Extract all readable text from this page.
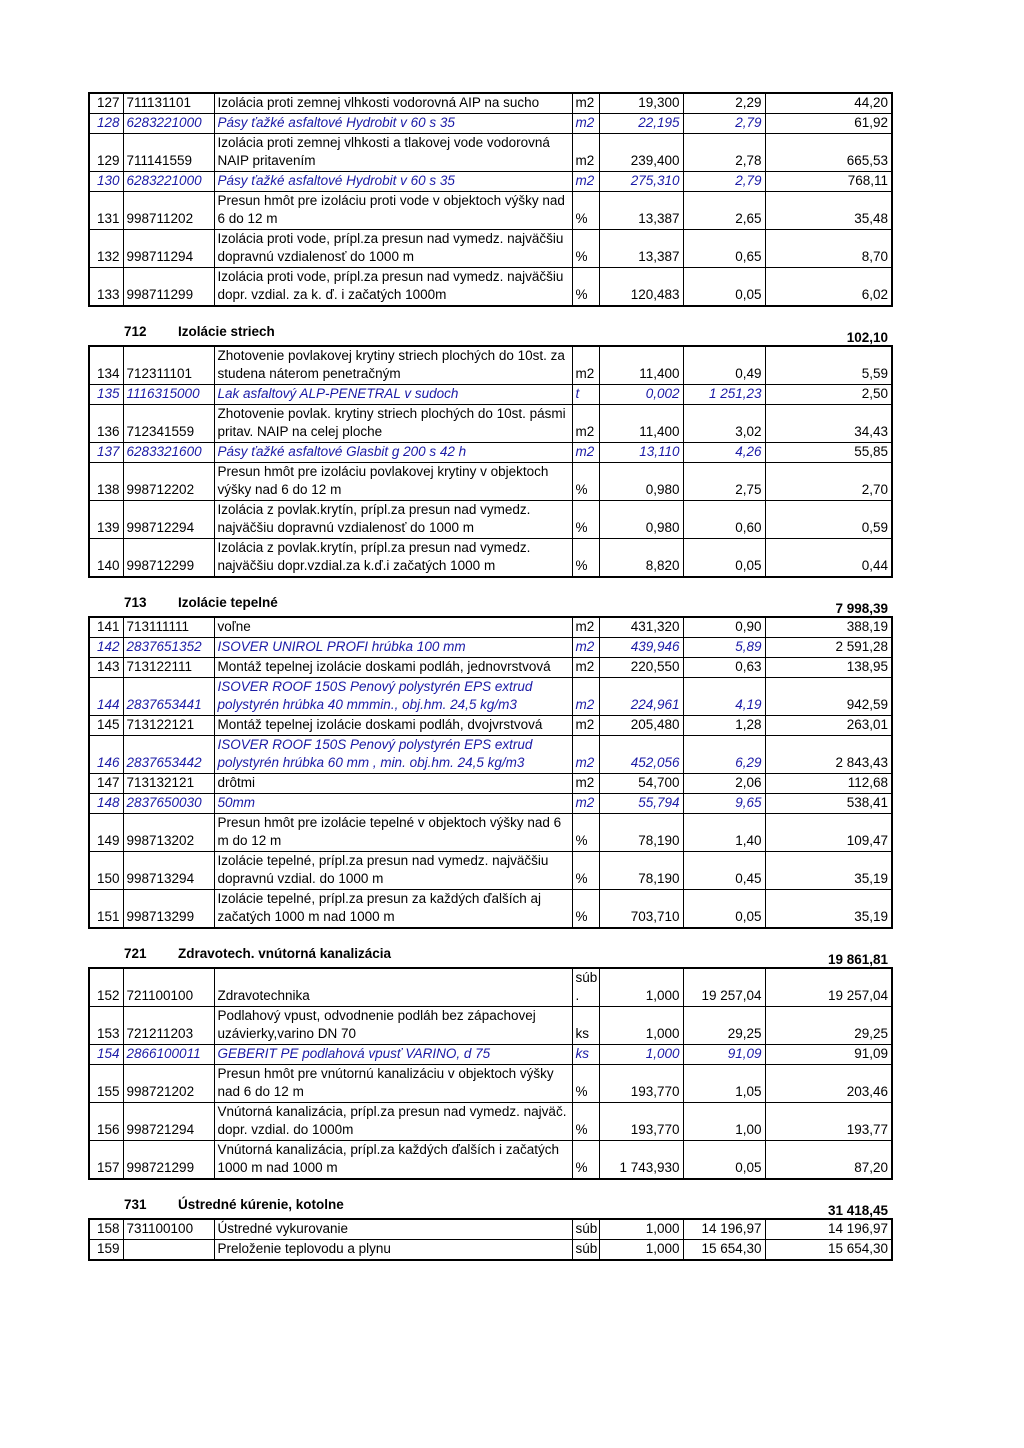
127	711131101	Izolácia proti zemnej vlhkosti vodorovná AIP na sucho	m2	19,300	2,29	44,20
128	6283221000	Pásy ťažké asfaltové Hydrobit v 60 s 35	m2	22,195	2,79	61,92
129	711141559	Izolácia proti zemnej vlhkosti a tlakovej vode vodorovná NAIP pritavením	m2	239,400	2,78	665,53
130	6283221000	Pásy ťažké asfaltové Hydrobit v 60 s 35	m2	275,310	2,79	768,11
131	998711202	Presun hmôt pre izoláciu proti vode v objektoch výšky nad 6 do 12 m	%	13,387	2,65	35,48
132	998711294	Izolácia proti vode, prípl.za presun nad vymedz. najväčšiu dopravnú vzdialenosť do 1000 m	%	13,387	0,65	8,70
133	998711299	Izolácia proti vode, prípl.za presun nad vymedz. najväčšiu dopr. vzdial. za k. ď. i začatých 1000m	%	120,483	0,05	6,02
712	Izolácie striech	102,10
134	712311101	Zhotovenie povlakovej krytiny striech plochých do 10st. za studena náterom penetračným	m2	11,400	0,49	5,59
135	1116315000	Lak asfaltový ALP-PENETRAL v sudoch	t	0,002	1 251,23	2,50
136	712341559	Zhotovenie povlak. krytiny striech plochých do 10st. pásmi pritav. NAIP na celej ploche	m2	11,400	3,02	34,43
137	6283321600	Pásy ťažké asfaltové Glasbit g 200 s 42 h	m2	13,110	4,26	55,85
138	998712202	Presun hmôt pre izoláciu povlakovej krytiny v objektoch výšky nad 6 do 12 m	%	0,980	2,75	2,70
139	998712294	Izolácia z povlak.krytín, prípl.za presun nad vymedz. najväčšiu dopravnú vzdialenosť do 1000 m	%	0,980	0,60	0,59
140	998712299	Izolácia z povlak.krytín, prípl.za presun nad vymedz. najväčšiu dopr.vzdial.za k.ď.i začatých 1000 m	%	8,820	0,05	0,44
713	Izolácie tepelné	7 998,39
141	713111111	voľne	m2	431,320	0,90	388,19
142	2837651352	ISOVER UNIROL PROFI hrúbka 100 mm	m2	439,946	5,89	2 591,28
143	713122111	Montáž tepelnej izolácie doskami podláh, jednovrstvová	m2	220,550	0,63	138,95
144	2837653441	ISOVER ROOF 150S Penový polystyrén EPS extrud polystyrén hrúbka 40 mmmin., obj.hm. 24,5 kg/m3	m2	224,961	4,19	942,59
145	713122121	Montáž tepelnej izolácie doskami podláh, dvojvrstvová	m2	205,480	1,28	263,01
146	2837653442	ISOVER ROOF 150S Penový polystyrén EPS extrud polystyrén hrúbka 60 mm , min. obj.hm. 24,5 kg/m3	m2	452,056	6,29	2 843,43
147	713132121	drôtmi	m2	54,700	2,06	112,68
148	2837650030	50mm	m2	55,794	9,65	538,41
149	998713202	Presun hmôt pre izolácie tepelné v objektoch výšky nad 6 m do 12 m	%	78,190	1,40	109,47
150	998713294	Izolácie tepelné, prípl.za presun nad vymedz. najväčšiu dopravnú vzdial. do 1000 m	%	78,190	0,45	35,19
151	998713299	Izolácie tepelné, prípl.za presun za každých ďalších aj začatých 1000 m nad 1000 m	%	703,710	0,05	35,19
721	Zdravotech. vnútorná kanalizácia	19 861,81
152	721100100	Zdravotechnika	súb .	1,000	19 257,04	19 257,04
153	721211203	Podlahový vpust, odvodnenie podláh bez zápachovej uzávierky,varino DN 70	ks	1,000	29,25	29,25
154	2866100011	GEBERIT PE podlahová vpusť VARINO, d 75	ks	1,000	91,09	91,09
155	998721202	Presun hmôt pre vnútornú kanalizáciu v objektoch výšky nad 6 do 12 m	%	193,770	1,05	203,46
156	998721294	Vnútorná kanalizácia, prípl.za presun nad vymedz. najväč. dopr. vzdial. do 1000m	%	193,770	1,00	193,77
157	998721299	Vnútorná kanalizácia, prípl.za každých ďalších i začatých 1000 m nad 1000 m	%	1 743,930	0,05	87,20
731	Ústredné kúrenie, kotolne	31 418,45
158	731100100	Ústredné vykurovanie	súb	1,000	14 196,97	14 196,97
159		Preloženie teplovodu a plynu	súb	1,000	15 654,30	15 654,30
